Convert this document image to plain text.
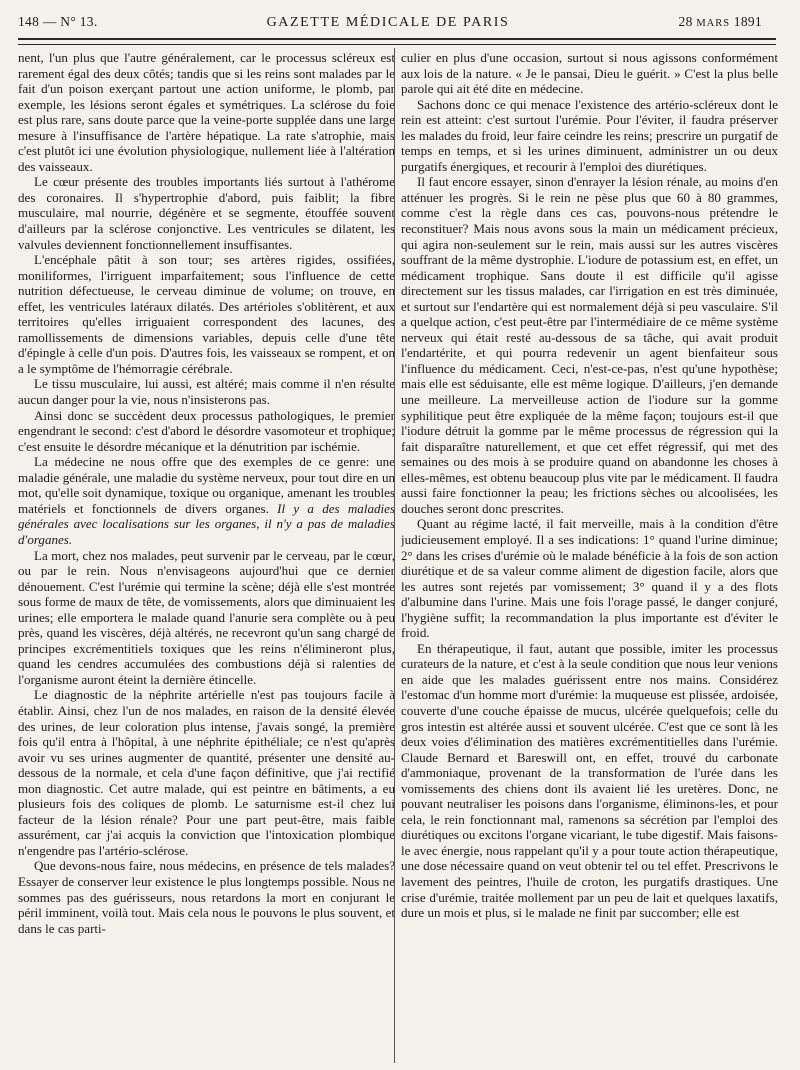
148 — N° 13.	GAZETTE MÉDICALE DE PARIS	28 MARS 1891

nent, l'un plus que l'autre généralement, car le processus scléreux est rarement égal des deux côtés; tandis que si les reins sont malades par le fait d'un poison exerçant partout une action uniforme, le plomb, par exemple, les lésions seront égales et symétriques. La sclérose du foie est plus rare, sans doute parce que la veine-porte supplée dans une large mesure à l'insuffisance de l'artère hépatique. La rate s'atrophie, mais c'est plutôt ici une évolution physiologique, nullement liée à l'altération des vaisseaux.

Le cœur présente des troubles importants liés surtout à l'athérome des coronaires. Il s'hypertrophie d'abord, puis faiblit; la fibre musculaire, mal nourrie, dégénère et se segmente, étouffée souvent d'ailleurs par la sclérose conjonctive. Les ventricules se dilatent, les valvules deviennent fonctionnellement insuffisantes.

L'encéphale pâtit à son tour; ses artères rigides, ossifiées, moniliformes, l'irriguent imparfaitement; sous l'influence de cette nutrition défectueuse, le cerveau diminue de volume; on trouve, en effet, les ventricules latéraux dilatés. Des artérioles s'oblitèrent, et aux territoires qu'elles irriguaient correspondent des lacunes, des ramollissements de dimensions variables, depuis celle d'une tête d'épingle à celle d'un pois. D'autres fois, les vaisseaux se rompent, et on a le symptôme de l'hémorragie cérébrale.

Le tissu musculaire, lui aussi, est altéré; mais comme il n'en résulte aucun danger pour la vie, nous n'insisterons pas.

Ainsi donc se succèdent deux processus pathologiques, le premier engendrant le second: c'est d'abord le désordre vasomoteur et trophique; c'est ensuite le désordre mécanique et la dénutrition par ischémie.

La médecine ne nous offre que des exemples de ce genre: une maladie générale, une maladie du système nerveux, pour tout dire en un mot, qu'elle soit dynamique, toxique ou organique, amenant les troubles matériels et fonctionnels de divers organes. Il y a des maladies générales avec localisations sur les organes, il n'y a pas de maladies d'organes.

La mort, chez nos malades, peut survenir par le cerveau, par le cœur, ou par le rein. Nous n'envisageons aujourd'hui que ce dernier dénouement. C'est l'urémie qui termine la scène; déjà elle s'est montrée sous forme de maux de tête, de vomissements, alors que diminuaient les urines; elle emportera le malade quand l'anurie sera complète ou à peu près, quand les viscères, déjà altérés, ne recevront qu'un sang chargé de principes excrémentitiels toxiques que les reins n'élimineront plus, quand les cendres accumulées des combustions déjà si ralenties de l'organisme auront éteint la dernière étincelle.

Le diagnostic de la néphrite artérielle n'est pas toujours facile à établir. Ainsi, chez l'un de nos malades, en raison de la densité élevée des urines, de leur coloration plus intense, j'avais songé, la première fois qu'il entra à l'hôpital, à une néphrite épithéliale; ce n'est qu'après avoir vu ses urines augmenter de quantité, présenter une densité au-dessous de la normale, et cela d'une façon définitive, que j'ai rectifié mon diagnostic. Cet autre malade, qui est peintre en bâtiments, a eu plusieurs fois des coliques de plomb. Le saturnisme est-il chez lui facteur de la lésion rénale? Pour une part peut-être, mais faible assurément, car j'ai acquis la conviction que l'intoxication plombique n'engendre pas l'artério-sclérose.

Que devons-nous faire, nous médecins, en présence de tels malades? Essayer de conserver leur existence le plus longtemps possible. Nous ne sommes pas des guérisseurs, nous retardons la mort en conjurant le péril imminent, voilà tout. Mais cela nous le pouvons le plus souvent, et dans le cas parti-

culier en plus d'une occasion, surtout si nous agissons conformément aux lois de la nature. « Je le pansai, Dieu le guérit. » C'est la plus belle parole qui ait été dite en médecine.

Sachons donc ce qui menace l'existence des artério-scléreux dont le rein est atteint: c'est surtout l'urémie. Pour l'éviter, il faudra préserver les malades du froid, leur faire ceindre les reins; prescrire un purgatif de temps en temps, et si les urines diminuent, administrer un ou deux purgatifs énergiques, et recourir à l'emploi des diurétiques.

Il faut encore essayer, sinon d'enrayer la lésion rénale, au moins d'en atténuer les progrès. Si le rein ne pèse plus que 60 à 80 grammes, comme c'est la règle dans ces cas, pouvons-nous prétendre le reconstituer? Mais nous avons sous la main un médicament précieux, qui agira non-seulement sur le rein, mais aussi sur les autres viscères souffrant de la même dystrophie. L'iodure de potassium est, en effet, un médicament trophique. Sans doute il est difficile qu'il agisse directement sur les tissus malades, car l'irrigation en est très diminuée, et surtout sur l'endartère qui est normalement déjà si peu vasculaire. S'il a quelque action, c'est peut-être par l'intermédiaire de ce même système nerveux qui était resté au-dessous de sa tâche, qui avait produit l'endartérite, et qui pourra redevenir un agent bienfaiteur sous l'influence du médicament. Ceci, n'est-ce-pas, n'est qu'une hypothèse; mais elle est séduisante, elle est même logique. D'ailleurs, j'en demande une meilleure. La merveilleuse action de l'iodure sur la gomme syphilitique peut être expliquée de la même façon; toujours est-il que l'iodure détruit la gomme par le même processus de régression qui la fait disparaître naturellement, et que cet effet régressif, qui met des semaines ou des mois à se produire quand on abandonne les choses à elles-mêmes, est obtenu beaucoup plus vite par le médicament. Il faudra aussi faire fonctionner la peau; les frictions sèches ou alcoolisées, les douches seront donc prescrites.

Quant au régime lacté, il fait merveille, mais à la condition d'être judicieusement employé. Il a ses indications: 1° quand l'urine diminue; 2° dans les crises d'urémie où le malade bénéficie à la fois de son action diurétique et de sa valeur comme aliment de digestion facile, alors que les autres sont rejetés par vomissement; 3° quand il y a des flots d'albumine dans l'urine. Mais une fois l'orage passé, le danger conjuré, l'hygiène suffit; la recommandation la plus importante est d'éviter le froid.

En thérapeutique, il faut, autant que possible, imiter les processus curateurs de la nature, et c'est à la seule condition que nous leur venions en aide que les malades guérissent entre nos mains. Considérez l'estomac d'un homme mort d'urémie: la muqueuse est plissée, ardoisée, couverte d'une couche épaisse de mucus, ulcérée quelquefois; celle du gros intestin est altérée aussi et souvent ulcérée. C'est que ce sont là les deux voies d'élimination des matières excrémentitielles dans l'urémie. Claude Bernard et Bareswill ont, en effet, trouvé du carbonate d'ammoniaque, provenant de la transformation de l'urée dans les vomissements des chiens dont ils avaient lié les uretères. Donc, ne pouvant neutraliser les poisons dans l'organisme, éliminons-les, et pour cela, le rein fonctionnant mal, ramenons sa sécrétion par l'emploi des diurétiques ou excitons l'organe vicariant, le tube digestif. Mais faisons-le avec énergie, nous rappelant qu'il y a pour toute action thérapeutique, une dose nécessaire quand on veut obtenir tel ou tel effet. Prescrivons le lavement des peintres, l'huile de croton, les purgatifs drastiques. Une crise d'urémie, traitée mollement par un peu de lait et quelques laxatifs, dure un mois et plus, si le malade ne finit par succomber; elle est
